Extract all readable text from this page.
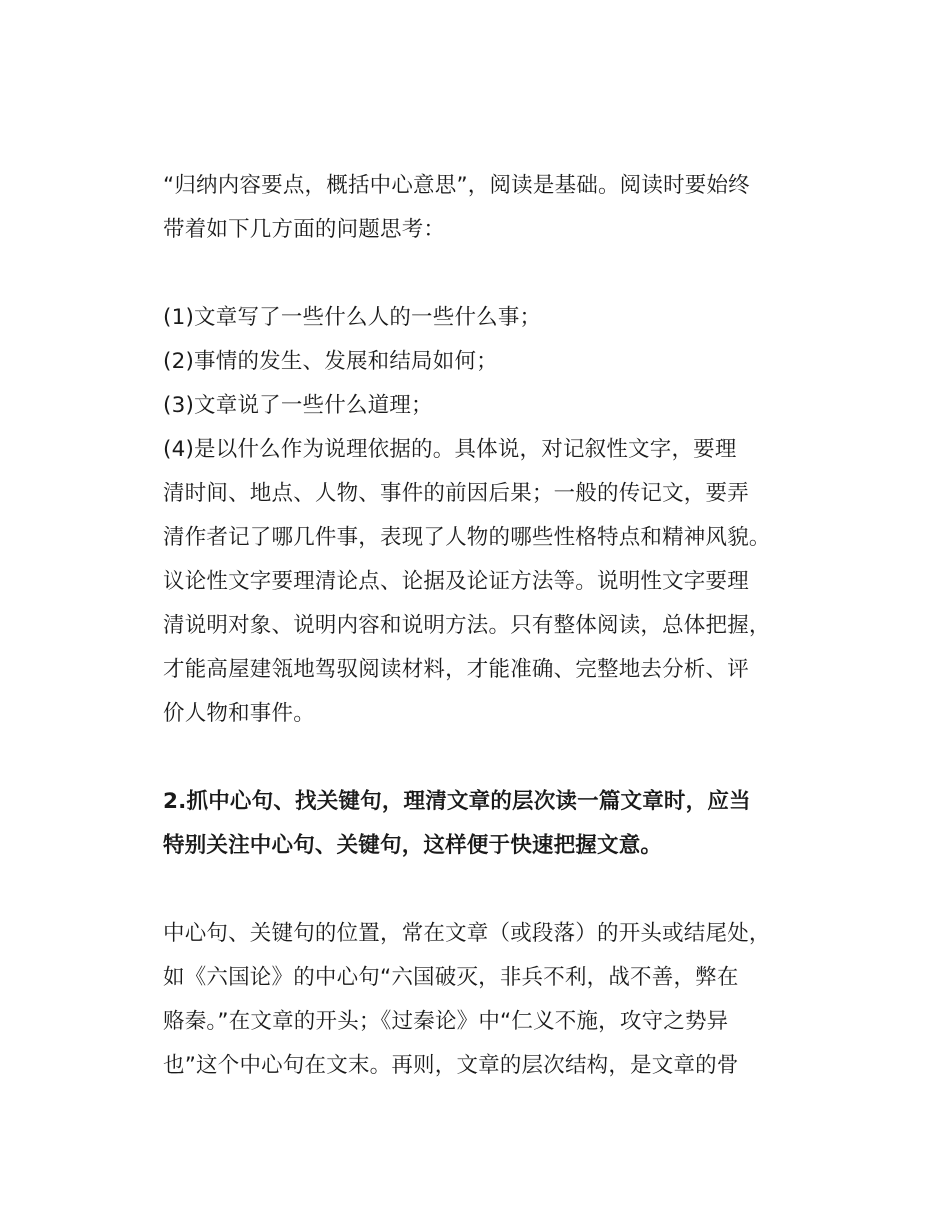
“归纳内容要点，概括中心意思”，阅读是基础。阅读时要始终
带着如下几方面的问题思考：
(1)文章写了一些什么人的一些什么事；
(2)事情的发生、发展和结局如何；
(3)文章说了一些什么道理；
(4)是以什么作为说理依据的。具体说，对记叙性文字，要理
清时间、地点、人物、事件的前因后果；一般的传记文，要弄
清作者记了哪几件事，表现了人物的哪些性格特点和精神风貌。
议论性文字要理清论点、论据及论证方法等。说明性文字要理
清说明对象、说明内容和说明方法。只有整体阅读，总体把握，
才能高屋建瓴地驾驭阅读材料，才能准确、完整地去分析、评
价人物和事件。
2.抓中心句、找关键句，理清文章的层次读一篇文章时，应当
特别关注中心句、关键句，这样便于快速把握文意。
中心句、关键句的位置，常在文章（或段落）的开头或结尾处，
如《六国论》的中心句“六国破灭，非兵不利，战不善，弊在
赂秦。”在文章的开头；《过秦论》中“仁义不施，攻守之势异
也”这个中心句在文末。再则，文章的层次结构，是文章的骨
